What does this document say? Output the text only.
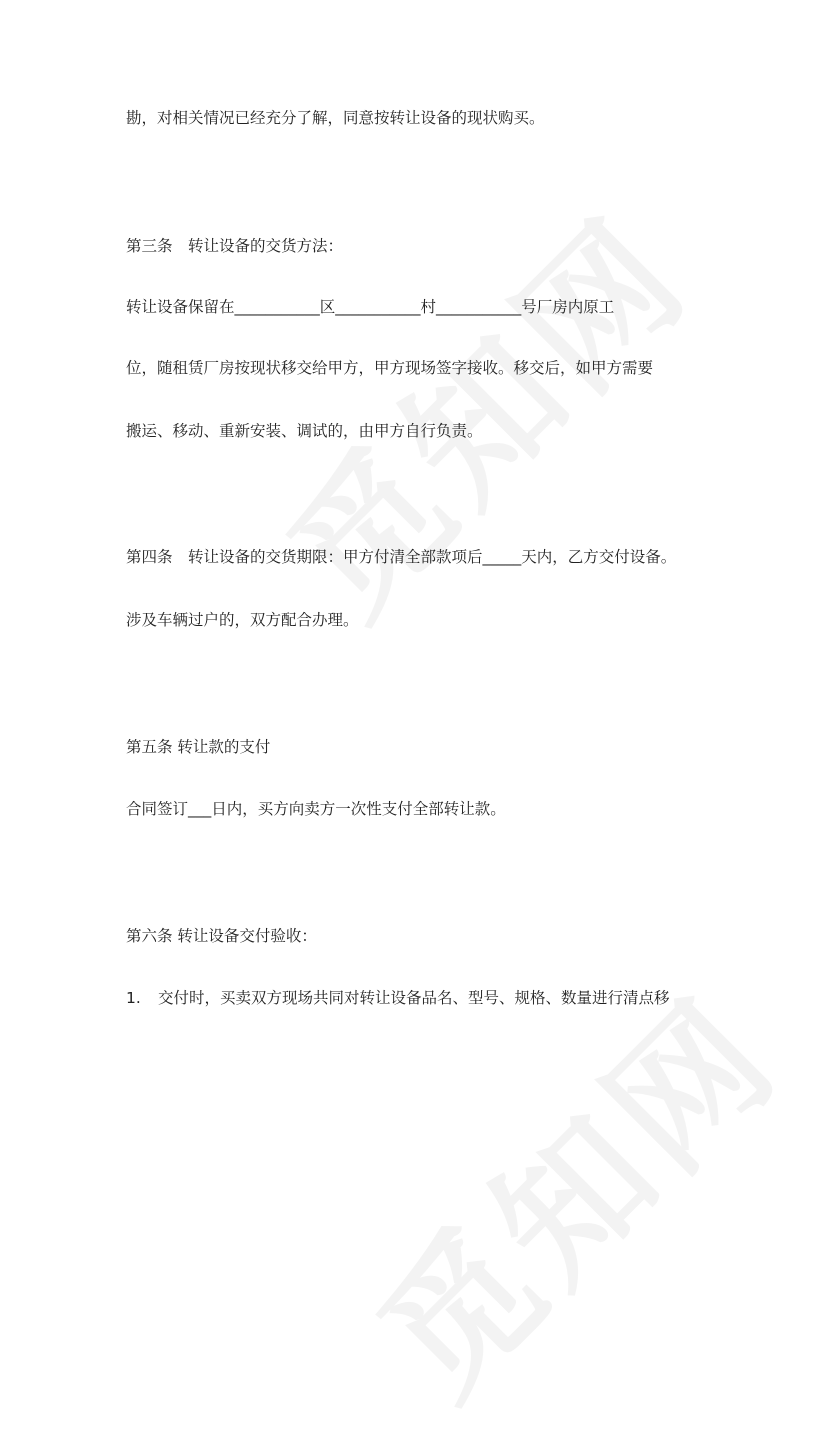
勘，对相关情况已经充分了解，同意按转让设备的现状购买。
第三条　转让设备的交货方法：
转让设备保留在___________区___________村___________号厂房内原工
位，随租赁厂房按现状移交给甲方，甲方现场签字接收。移交后，如甲方需要
搬运、移动、重新安装、调试的，由甲方自行负责。
第四条　转让设备的交货期限：甲方付清全部款项后_____天内，乙方交付设备。
涉及车辆过户的，双方配合办理。
第五条 转让款的支付
合同签订___日内，买方向卖方一次性支付全部转让款。
第六条 转让设备交付验收：
1. 交付时，买卖双方现场共同对转让设备品名、型号、规格、数量进行清点移
